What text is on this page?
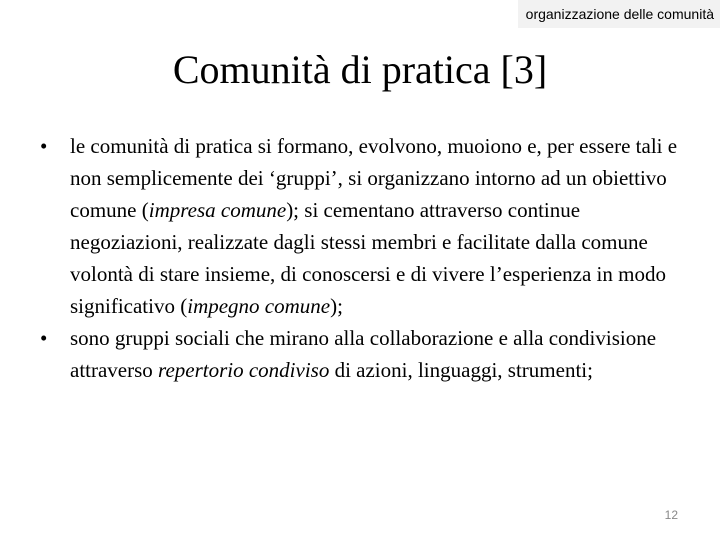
organizzazione delle comunità
Comunità di pratica [3]
•	le comunità di pratica si formano, evolvono, muoiono e, per essere tali e non semplicemente dei ‘gruppi’, si organizzano intorno ad un obiettivo comune (impresa comune); si cementano attraverso continue negoziazioni, realizzate dagli stessi membri e facilitate dalla comune volontà di stare insieme, di conoscersi e di vivere l’esperienza in modo significativo (impegno comune);
•	sono gruppi sociali che mirano alla collaborazione e alla condivisione attraverso repertorio condiviso di azioni, linguaggi, strumenti;
12
